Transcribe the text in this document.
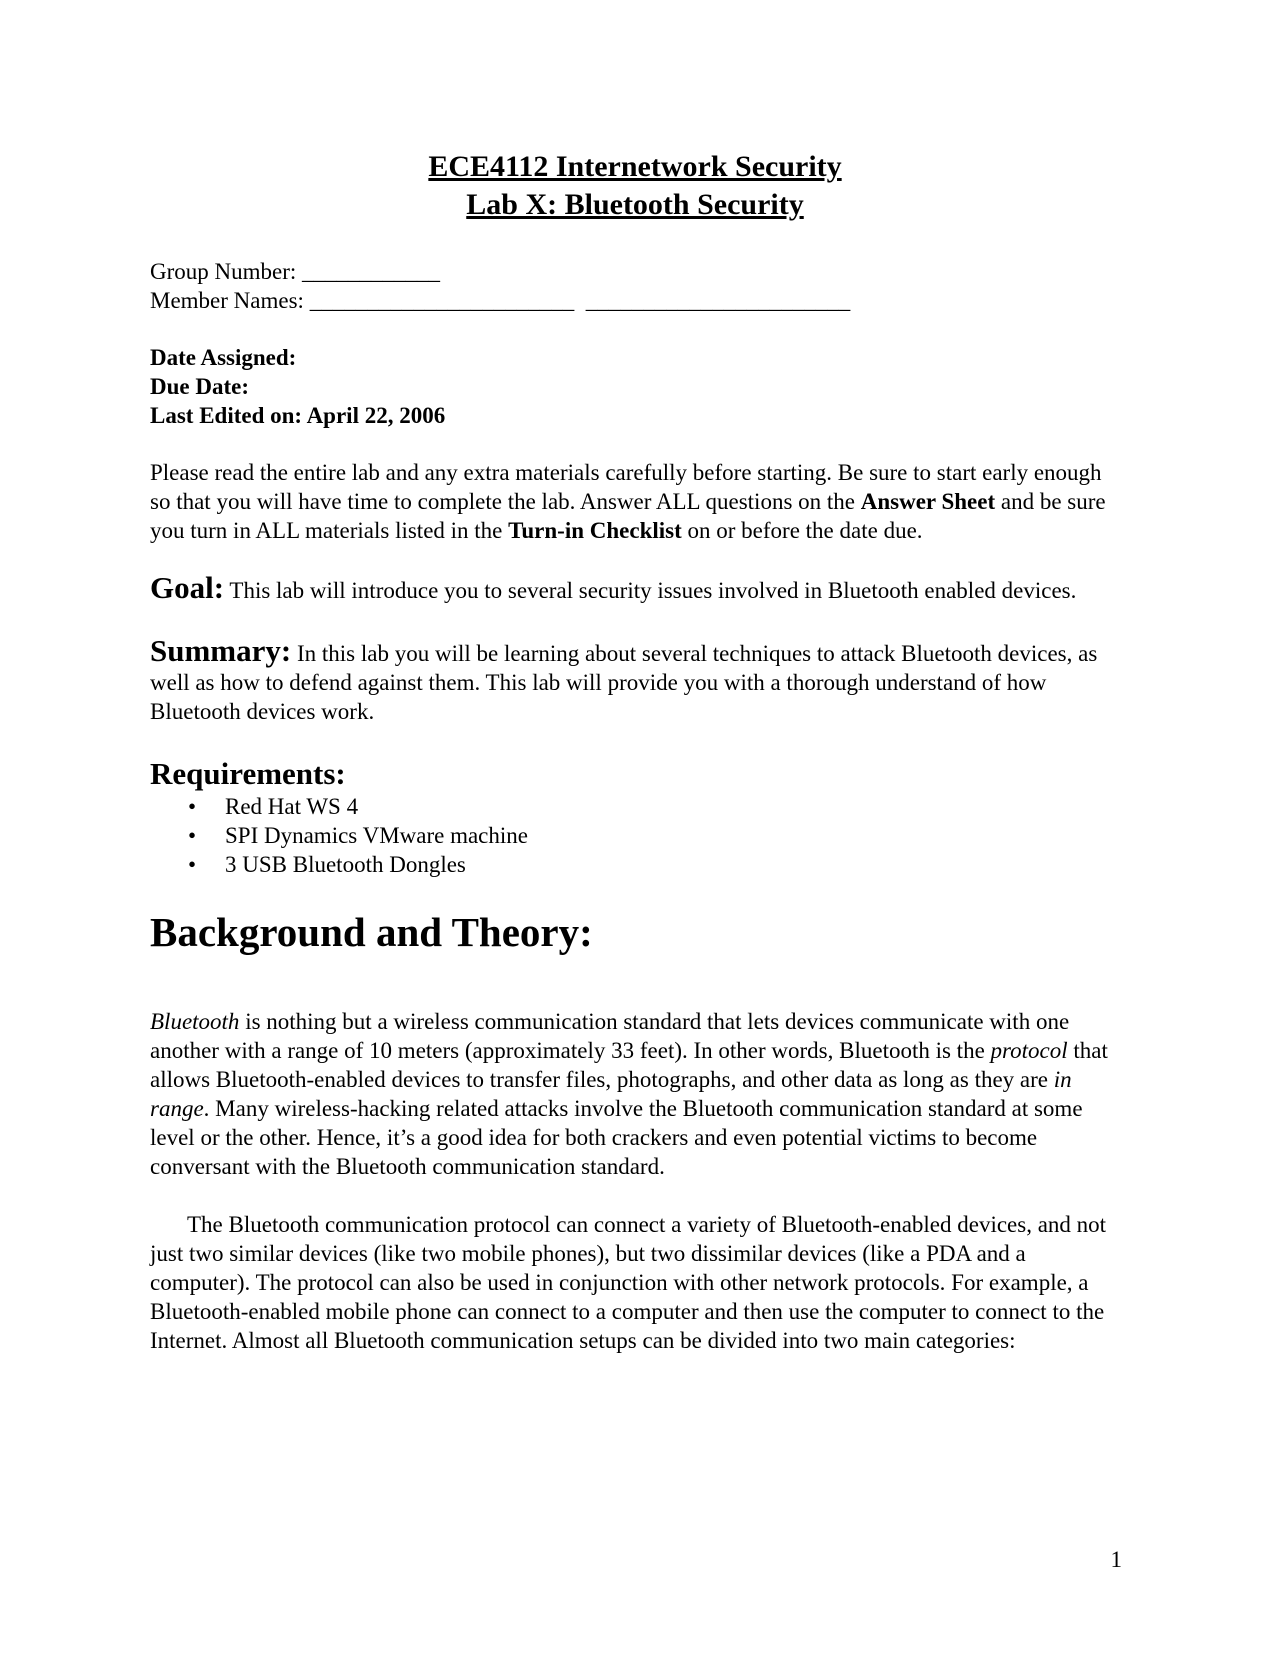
ECE4112 Internetwork Security

Lab X: Bluetooth Security

Group Number: ____________

Member Names: _______________________ _______________________

Date Assigned:

Due Date:

Last Edited on: April 22, 2006

Please read the entire lab and any extra materials carefully before starting. Be sure to start early enough so that you will have time to complete the lab. Answer ALL questions on the Answer Sheet and be sure you turn in ALL materials listed in the Turn-in Checklist on or before the date due.

Goal: This lab will introduce you to several security issues involved in Bluetooth enabled devices.

Summary: In this lab you will be learning about several techniques to attack Bluetooth devices, as well as how to defend against them. This lab will provide you with a thorough understand of how Bluetooth devices work.

Requirements:

• Red Hat WS 4
• SPI Dynamics VMware machine
• 3 USB Bluetooth Dongles

Background and Theory:

Bluetooth is nothing but a wireless communication standard that lets devices communicate with one another with a range of 10 meters (approximately 33 feet). In other words, Bluetooth is the protocol that allows Bluetooth-enabled devices to transfer files, photographs, and other data as long as they are in range. Many wireless-hacking related attacks involve the Bluetooth communication standard at some level or the other. Hence, it’s a good idea for both crackers and even potential victims to become conversant with the Bluetooth communication standard.

The Bluetooth communication protocol can connect a variety of Bluetooth-enabled devices, and not just two similar devices (like two mobile phones), but two dissimilar devices (like a PDA and a computer). The protocol can also be used in conjunction with other network protocols. For example, a Bluetooth-enabled mobile phone can connect to a computer and then use the computer to connect to the Internet. Almost all Bluetooth communication setups can be divided into two main categories:

1
